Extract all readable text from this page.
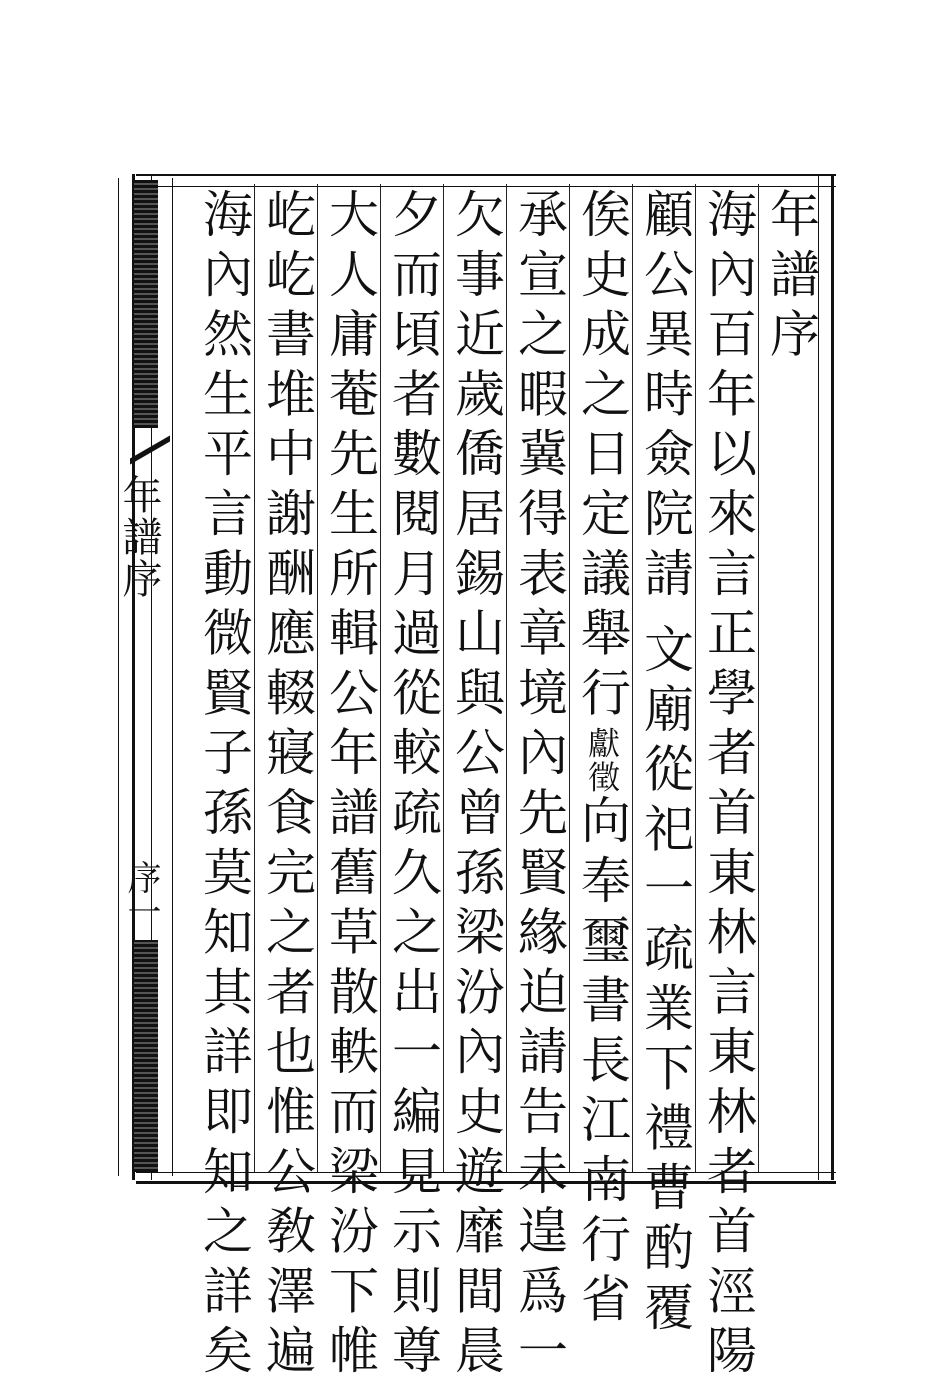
年譜序
序一
年譜序
海內百年以來言正學者首東林言東林者首涇陽
顧公異時僉院請文廟從祀一疏業下禮曹酌覆
俟史成之日定議舉行獻徵向奉璽書長江南行省
承宣之暇冀得表章境內先賢緣迫請告未遑爲一
欠事近歲僑居錫山與公曾孫梁汾內史遊靡間晨
夕而頃者數閱月過從較疏久之出一編見示則尊
大人庸菴先生所輯公年譜舊草散軼而梁汾下帷
屹屹書堆中謝酬應輟寢食完之者也惟公敎澤遍
海內然生平言動微賢子孫莫知其詳即知之詳矣
